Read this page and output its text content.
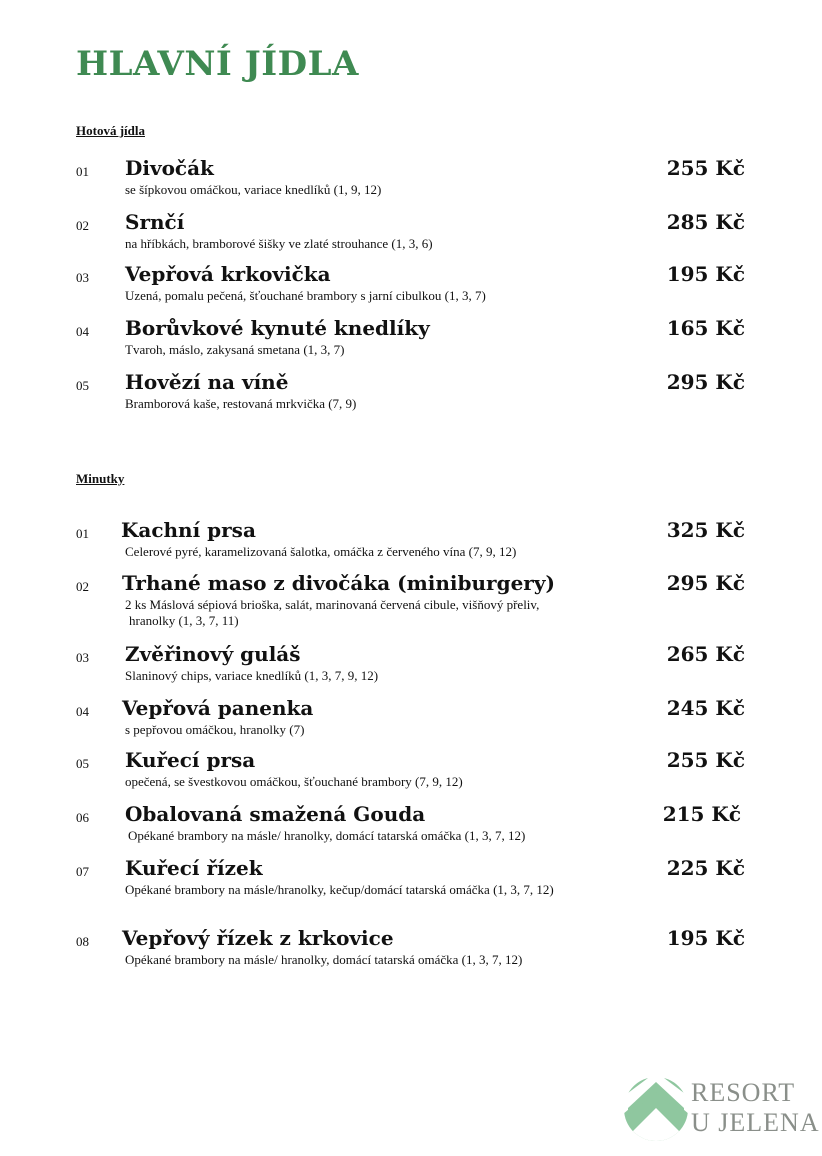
HLAVNÍ JÍDLA
Hotová jídla
01 Divočák
se šípkovou omáčkou, variace knedlíků (1, 9, 12)
255 Kč
02 Srnčí
na hříbkách, bramborové šišky ve zlaté strouhance (1, 3, 6)
285 Kč
03 Vepřová krkovička
Uzená, pomalu pečená, šťouchané brambory s jarní cibulkou (1, 3, 7)
195 Kč
04 Borůvkové kynuté knedlíky
Tvaroh, máslo, zakysaná smetana (1, 3, 7)
165 Kč
05 Hovězí na víně
Bramborová kaše, restovaná mrkvička (7, 9)
295 Kč
Minutky
01 Kachní prsa
Celerové pyré, karamelizovaná šalotka, omáčka z červeného vína (7, 9, 12)
325 Kč
02 Trhané maso z divočáka (miniburgery)
2 ks Máslová sépiová brioška, salát, marinovaná červená cibule, višňový přeliv,
hranolky (1, 3, 7, 11)
295 Kč
03 Zvěřinový guláš
Slaninový chips, variace knedlíků (1, 3, 7, 9, 12)
265 Kč
04 Vepřová panenka
s pepřovou omáčkou, hranolky (7)
245 Kč
05 Kuřecí prsa
opečená, se švestkovou omáčkou, šťouchané brambory (7, 9, 12)
255 Kč
06 Obalovaná smažená Gouda
Opékané brambory na másle/ hranolky, domácí tatarská omáčka (1, 3, 7, 12)
215 Kč
07 Kuřecí řízek
Opékané brambory na másle/hranolky, kečup/domácí tatarská omáčka (1, 3, 7, 12)
225 Kč
08 Vepřový řízek z krkovice
Opékané brambory na másle/ hranolky, domácí tatarská omáčka (1, 3, 7, 12)
195 Kč
RESORT
U JELENA
